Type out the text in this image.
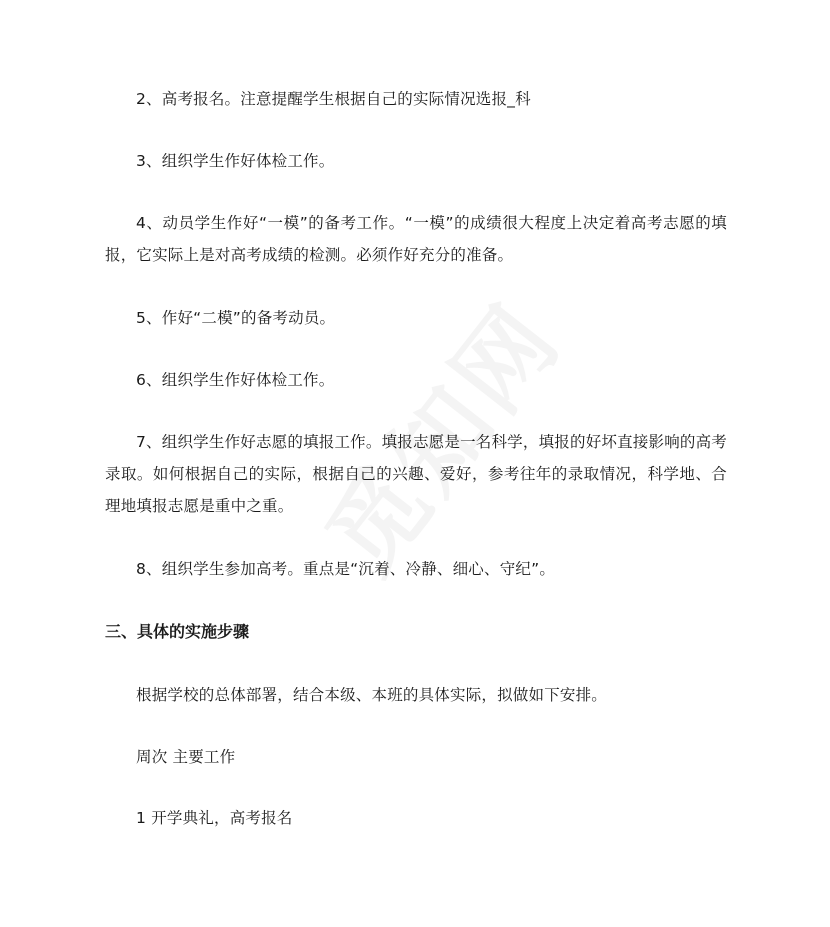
2、高考报名。注意提醒学生根据自己的实际情况选报_科

3、组织学生作好体检工作。

4、动员学生作好“一模”的备考工作。“一模”的成绩很大程度上决定着高考志愿的填报，它实际上是对高考成绩的检测。必须作好充分的准备。

5、作好“二模”的备考动员。

6、组织学生作好体检工作。

7、组织学生作好志愿的填报工作。填报志愿是一名科学，填报的好坏直接影响的高考录取。如何根据自己的实际，根据自己的兴趣、爱好，参考往年的录取情况，科学地、合理地填报志愿是重中之重。

8、组织学生参加高考。重点是“沉着、冷静、细心、守纪”。

三、具体的实施步骤

根据学校的总体部署，结合本级、本班的具体实际，拟做如下安排。

周次 主要工作

1 开学典礼，高考报名
